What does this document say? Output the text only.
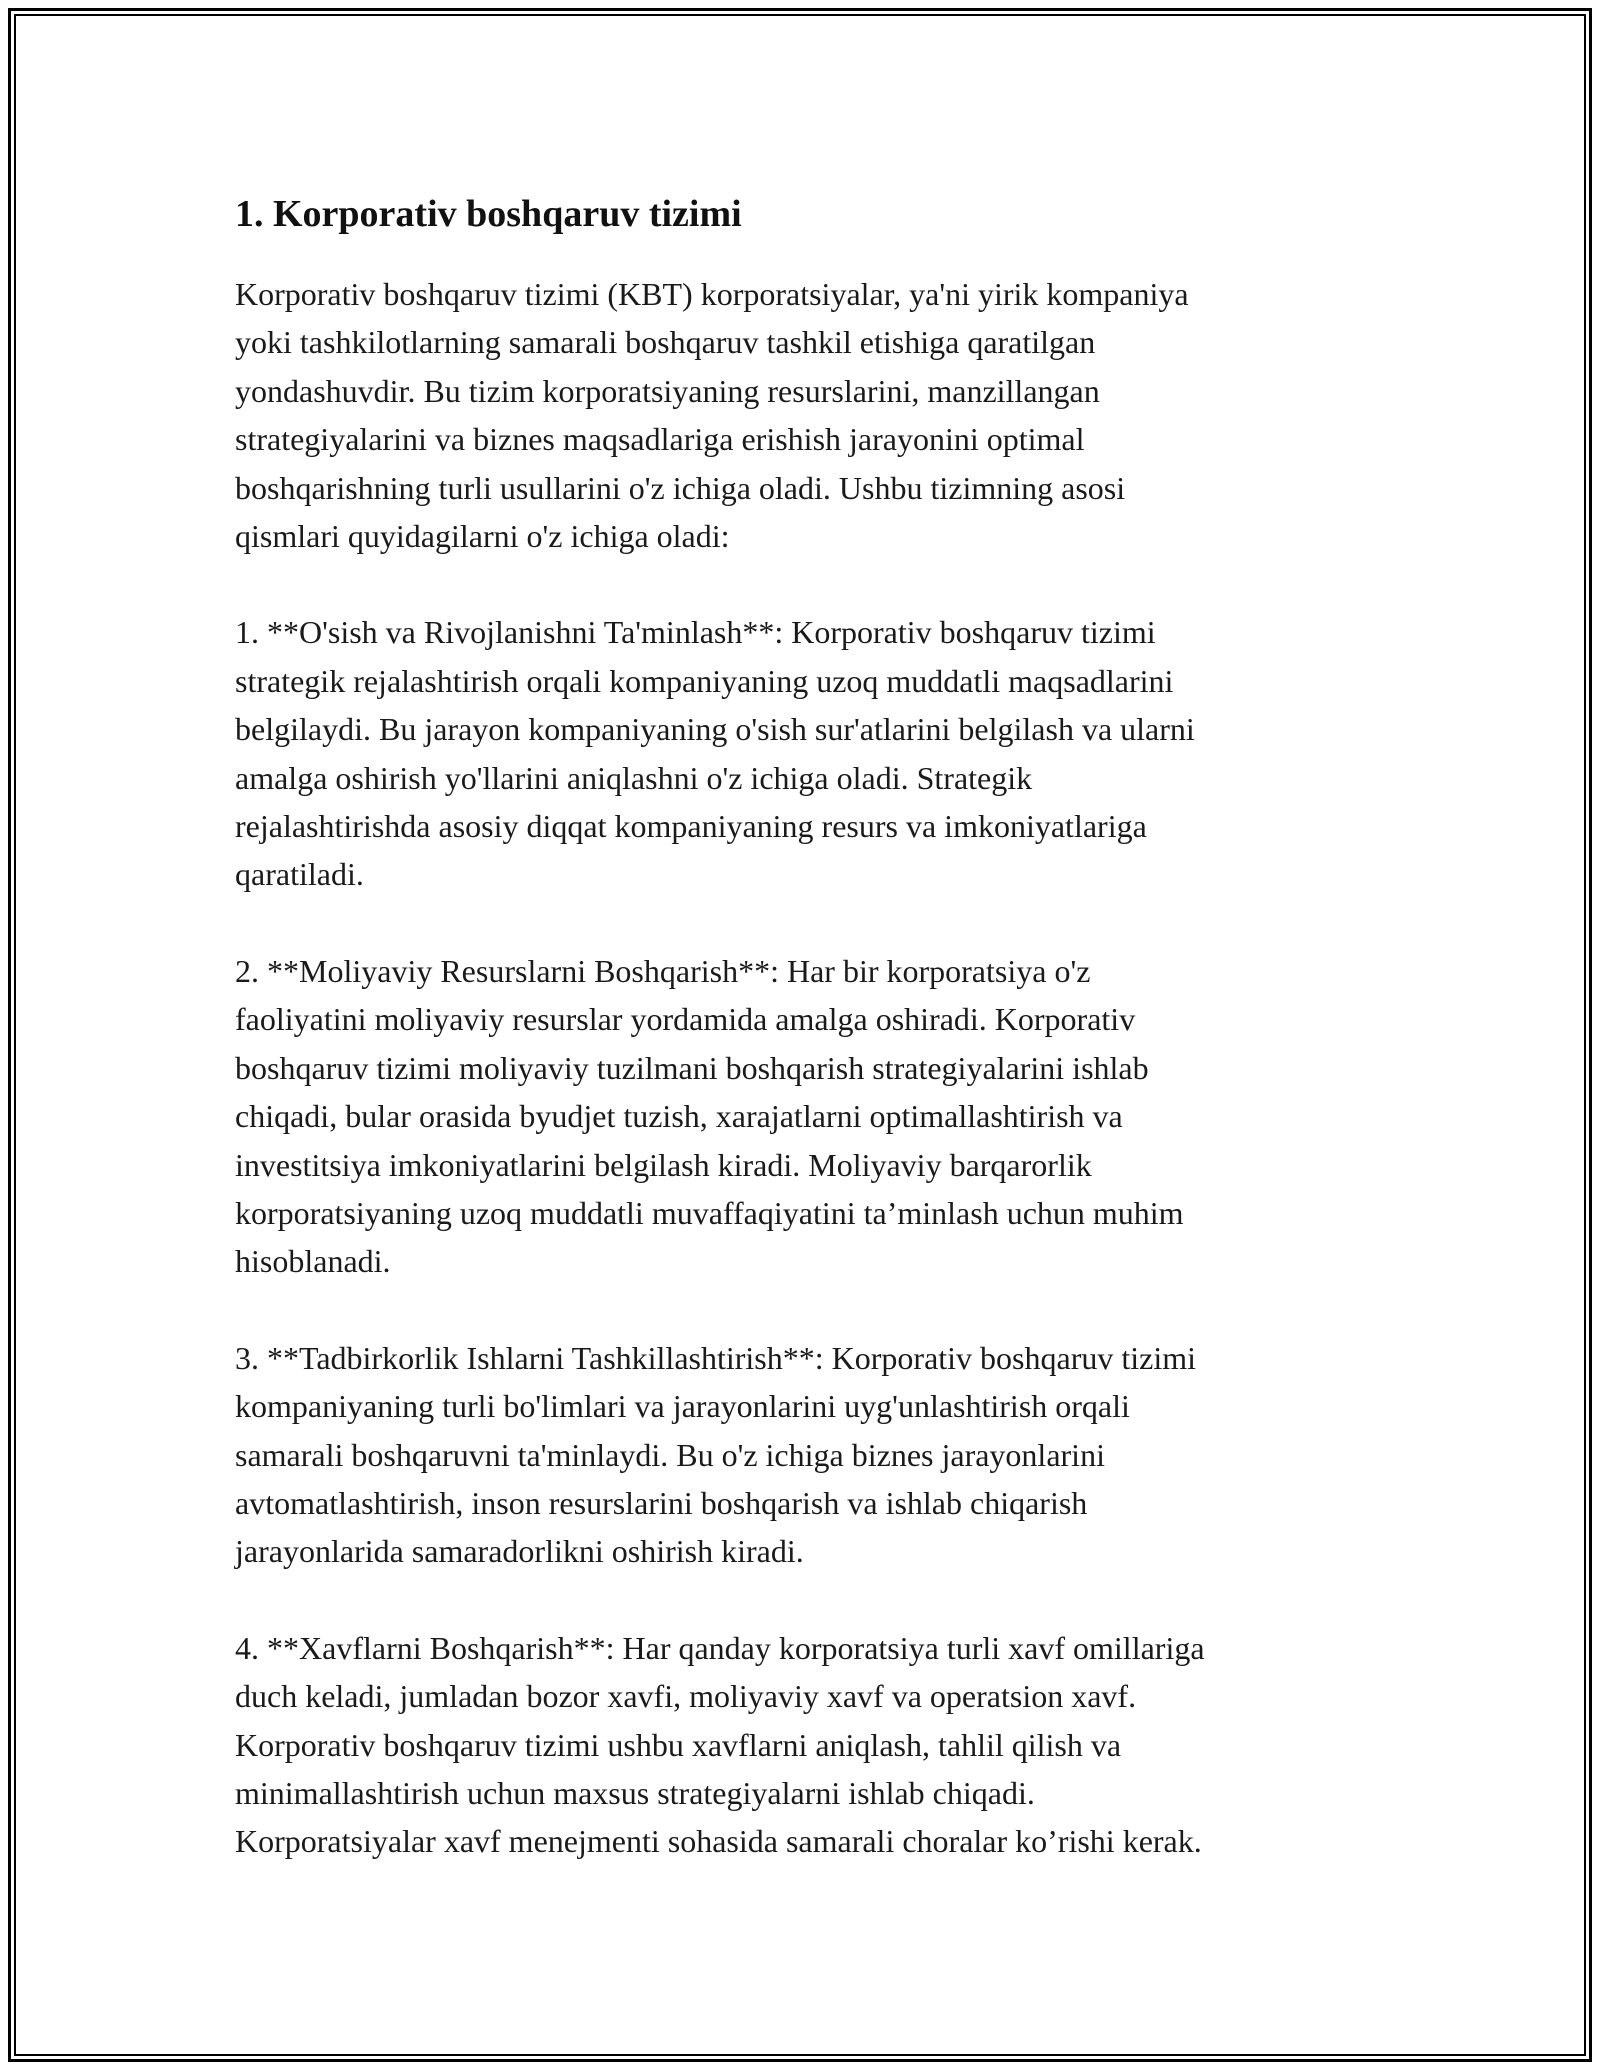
1. Korporativ boshqaruv tizimi

Korporativ boshqaruv tizimi (KBT) korporatsiyalar, ya'ni yirik kompaniya
yoki tashkilotlarning samarali boshqaruv tashkil etishiga qaratilgan
yondashuvdir. Bu tizim korporatsiyaning resurslarini, manzillangan
strategiyalarini va biznes maqsadlariga erishish jarayonini optimal
boshqarishning turli usullarini o'z ichiga oladi. Ushbu tizimning asosi
qismlari quyidagilarni o'z ichiga oladi:

1. **O'sish va Rivojlanishni Ta'minlash**: Korporativ boshqaruv tizimi
strategik rejalashtirish orqali kompaniyaning uzoq muddatli maqsadlarini
belgilaydi. Bu jarayon kompaniyaning o'sish sur'atlarini belgilash va ularni
amalga oshirish yo'llarini aniqlashni o'z ichiga oladi. Strategik
rejalashtirishda asosiy diqqat kompaniyaning resurs va imkoniyatlariga
qaratiladi.

2. **Moliyaviy Resurslarni Boshqarish**: Har bir korporatsiya o'z
faoliyatini moliyaviy resurslar yordamida amalga oshiradi. Korporativ
boshqaruv tizimi moliyaviy tuzilmani boshqarish strategiyalarini ishlab
chiqadi, bular orasida byudjet tuzish, xarajatlarni optimallashtirish va
investitsiya imkoniyatlarini belgilash kiradi. Moliyaviy barqarorlik
korporatsiyaning uzoq muddatli muvaffaqiyatini ta’minlash uchun muhim
hisoblanadi.

3. **Tadbirkorlik Ishlarni Tashkillashtirish**: Korporativ boshqaruv tizimi
kompaniyaning turli bo'limlari va jarayonlarini uyg'unlashtirish orqali
samarali boshqaruvni ta'minlaydi. Bu o'z ichiga biznes jarayonlarini
avtomatlashtirish, inson resurslarini boshqarish va ishlab chiqarish
jarayonlarida samaradorlikni oshirish kiradi.

4. **Xavflarni Boshqarish**: Har qanday korporatsiya turli xavf omillariga
duch keladi, jumladan bozor xavfi, moliyaviy xavf va operatsion xavf.
Korporativ boshqaruv tizimi ushbu xavflarni aniqlash, tahlil qilish va
minimallashtirish uchun maxsus strategiyalarni ishlab chiqadi.
Korporatsiyalar xavf menejmenti sohasida samarali choralar ko’rishi kerak.
